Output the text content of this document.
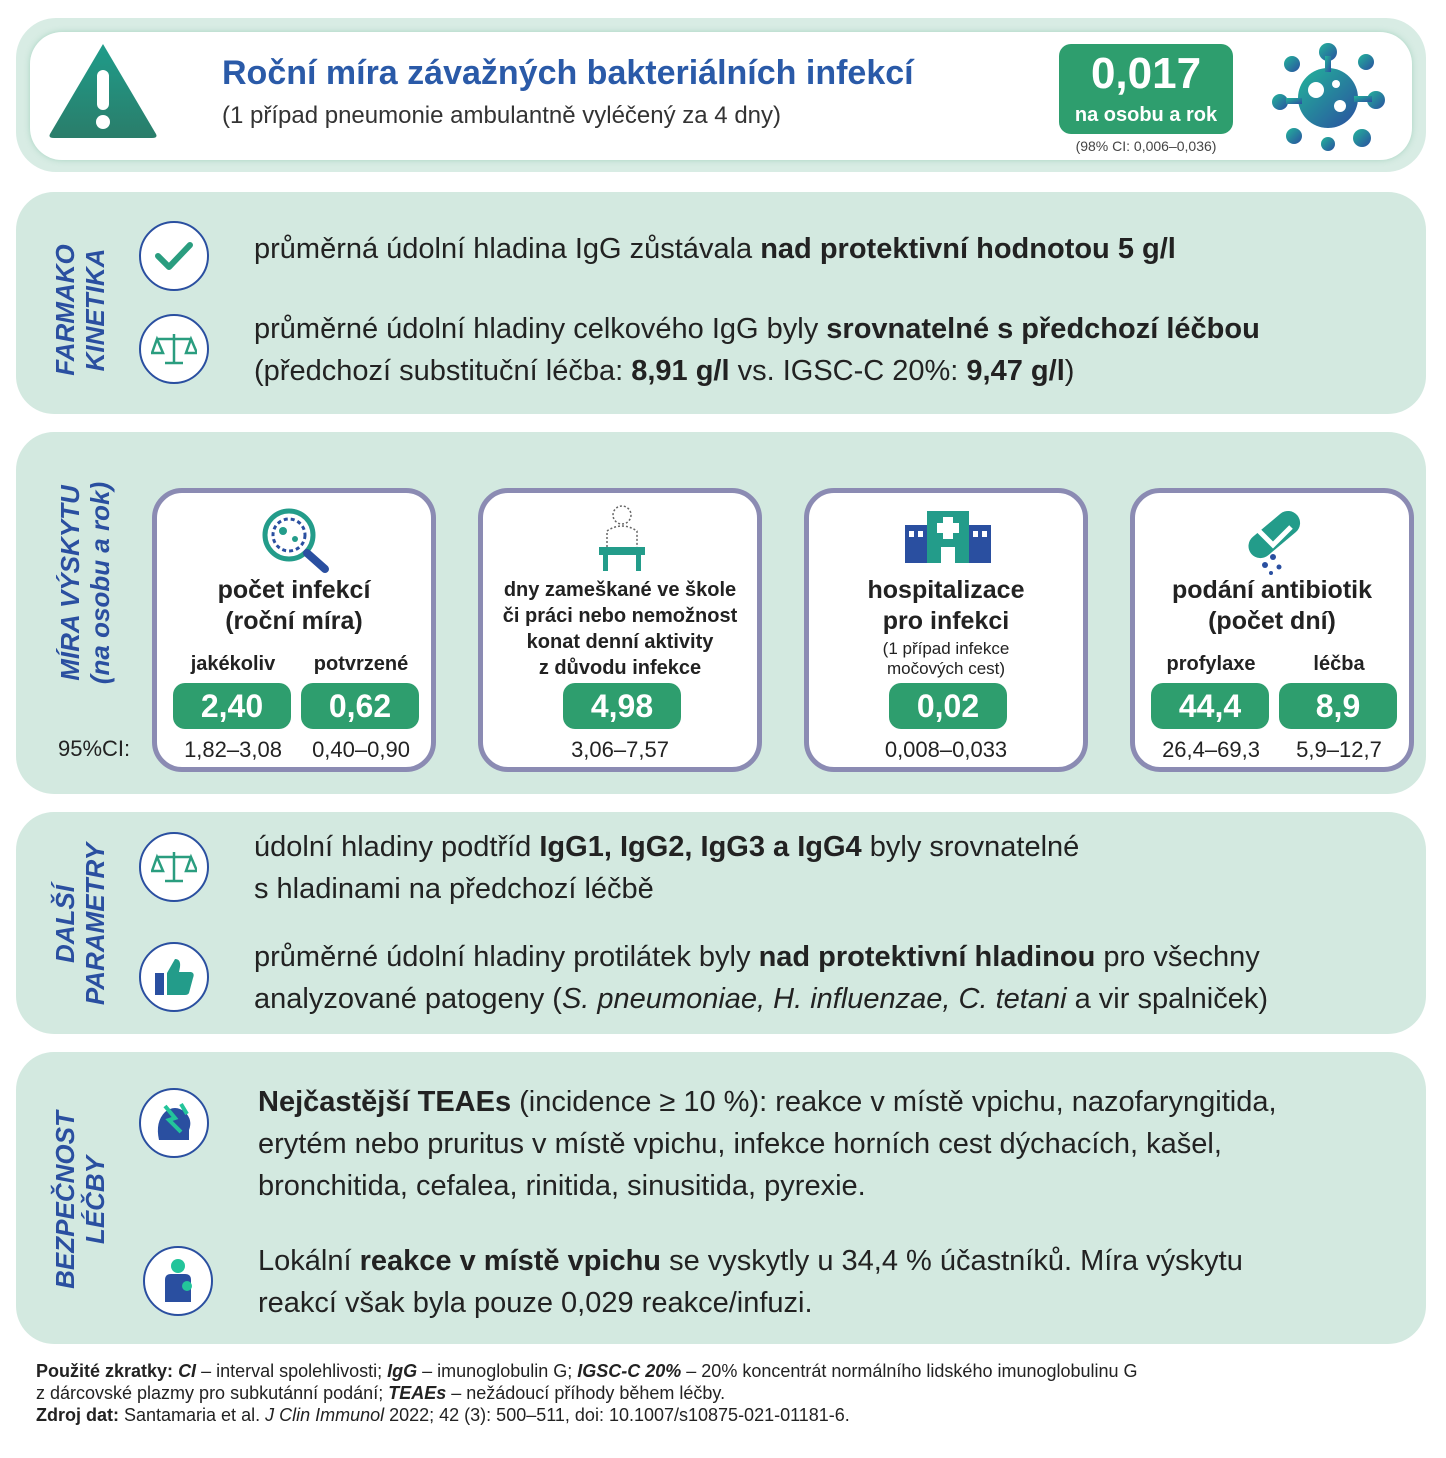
Roční míra závažných bakteriálních infekcí
(1 případ pneumonie ambulantně vyléčený za 4 dny)
0,017
na osobu a rok
(98% CI: 0,006–0,036)
FARMAKO KINETIKA	průměrná údolní hladina IgG zůstávala nad protektivní hodnotou 5 g/l
průměrné údolní hladiny celkového IgG byly srovnatelné s předchozí léčbou
(předchozí substituční léčba: 8,91 g/l vs. IGSC-C 20%: 9,47 g/l)
MÍRA VÝSKYTU (na osobu a rok)
95%CI:
počet infekcí
(roční míra)
jakékoliv	potvrzené
2,40	0,62
1,82–3,08	0,40–0,90
dny zameškané ve škole
či práci nebo nemožnost
konat denní aktivity
z důvodu infekce
4,98
3,06–7,57
hospitalizace
pro infekci
(1 případ infekce
močových cest)
0,02
0,008–0,033
podání antibiotik
(počet dní)
profylaxe	léčba
44,4	8,9
26,4–69,3	5,9–12,7
DALŠÍ PARAMETRY	údolní hladiny podtříd IgG1, IgG2, IgG3 a IgG4 byly srovnatelné
s hladinami na předchozí léčbě
průměrné údolní hladiny protilátek byly nad protektivní hladinou pro všechny
analyzované patogeny (S. pneumoniae, H. influenzae, C. tetani a vir spalniček)
BEZPEČNOST LÉČBY
Nejčastější TEAEs (incidence ≥ 10 %): reakce v místě vpichu, nazofaryngitida,
erytém nebo pruritus v místě vpichu, infekce horních cest dýchacích, kašel,
bronchitida, cefalea, rinitida, sinusitida, pyrexie.
Lokální reakce v místě vpichu se vyskytly u 34,4 % účastníků. Míra výskytu
reakcí však byla pouze 0,029 reakce/infuzi.
Použité zkratky: CI – interval spolehlivosti; IgG – imunoglobulin G; IGSC-C 20% – 20% koncentrát normálního lidského imunoglobulinu G
z dárcovské plazmy pro subkutánní podání; TEAEs – nežádoucí příhody během léčby.
Zdroj dat: Santamaria et al. J Clin Immunol 2022; 42 (3): 500–511, doi: 10.1007/s10875-021-01181-6.
